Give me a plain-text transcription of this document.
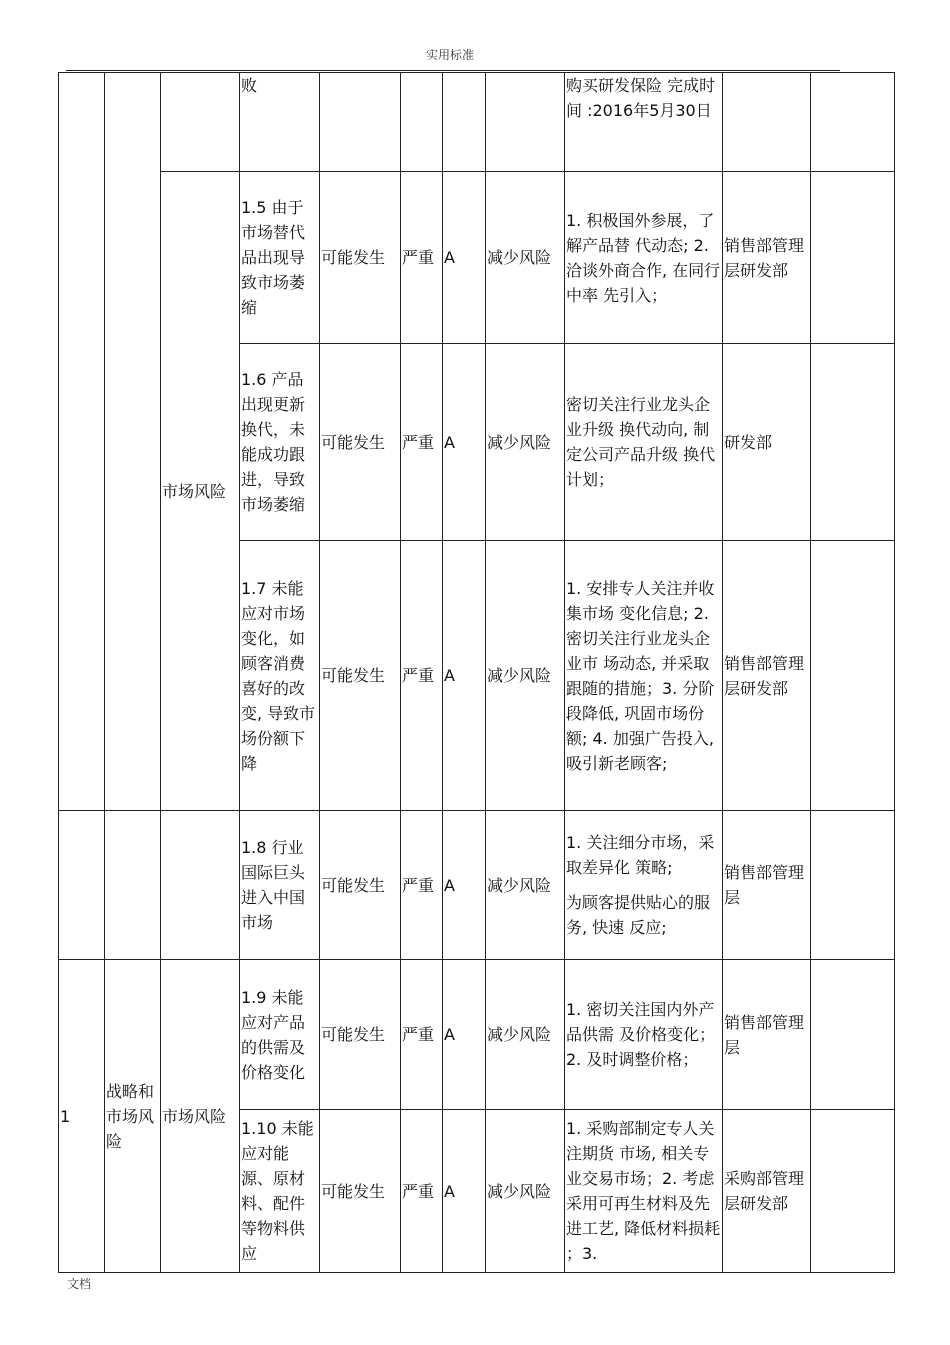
实用标准
			败					购买研发保险 完成时间 :2016年5月30日		
		市场风险	1.5 由于市场替代品出现导致市场萎缩	可能发生	严重	A	减少风险	1. 积极国外参展，了解产品替 代动态; 2. 洽谈外商合作, 在同行中率 先引入；	销售部管理层研发部	
			1.6 产品出现更新换代，未能成功跟进，导致市场萎缩	可能发生	严重	A	减少风险	密切关注行业龙头企业升级 换代动向, 制定公司产品升级 换代计划；	研发部	
			1.7 未能应对市场变化，如顾客消费喜好的改变, 导致市场份额下降	可能发生	严重	A	减少风险	1. 安排专人关注并收集市场 变化信息; 2. 密切关注行业龙头企业市 场动态, 并采取跟随的措施；3. 分阶段降低, 巩固市场份额; 4. 加强广告投入, 吸引新老顾客;	销售部管理层研发部	
			1.8 行业国际巨头进入中国市场	可能发生	严重	A	减少风险	1. 关注细分市场，采取差异化 策略;
为顾客提供贴心的服务, 快速 反应;	销售部管理层	
1	战略和市场风险	市场风险	1.9 未能应对产品的供需及价格变化	可能发生	严重	A	减少风险	1. 密切关注国内外产品供需 及价格变化；2. 及时调整价格；	销售部管理层	
			1.10 未能应对能源、原材料、配件等物料供应	可能发生	严重	A	减少风险	1. 采购部制定专人关注期货 市场, 相关专业交易市场；2. 考虑采用可再生材料及先 进工艺, 降低材料损耗 ；3.	采购部管理层研发部	
文档
